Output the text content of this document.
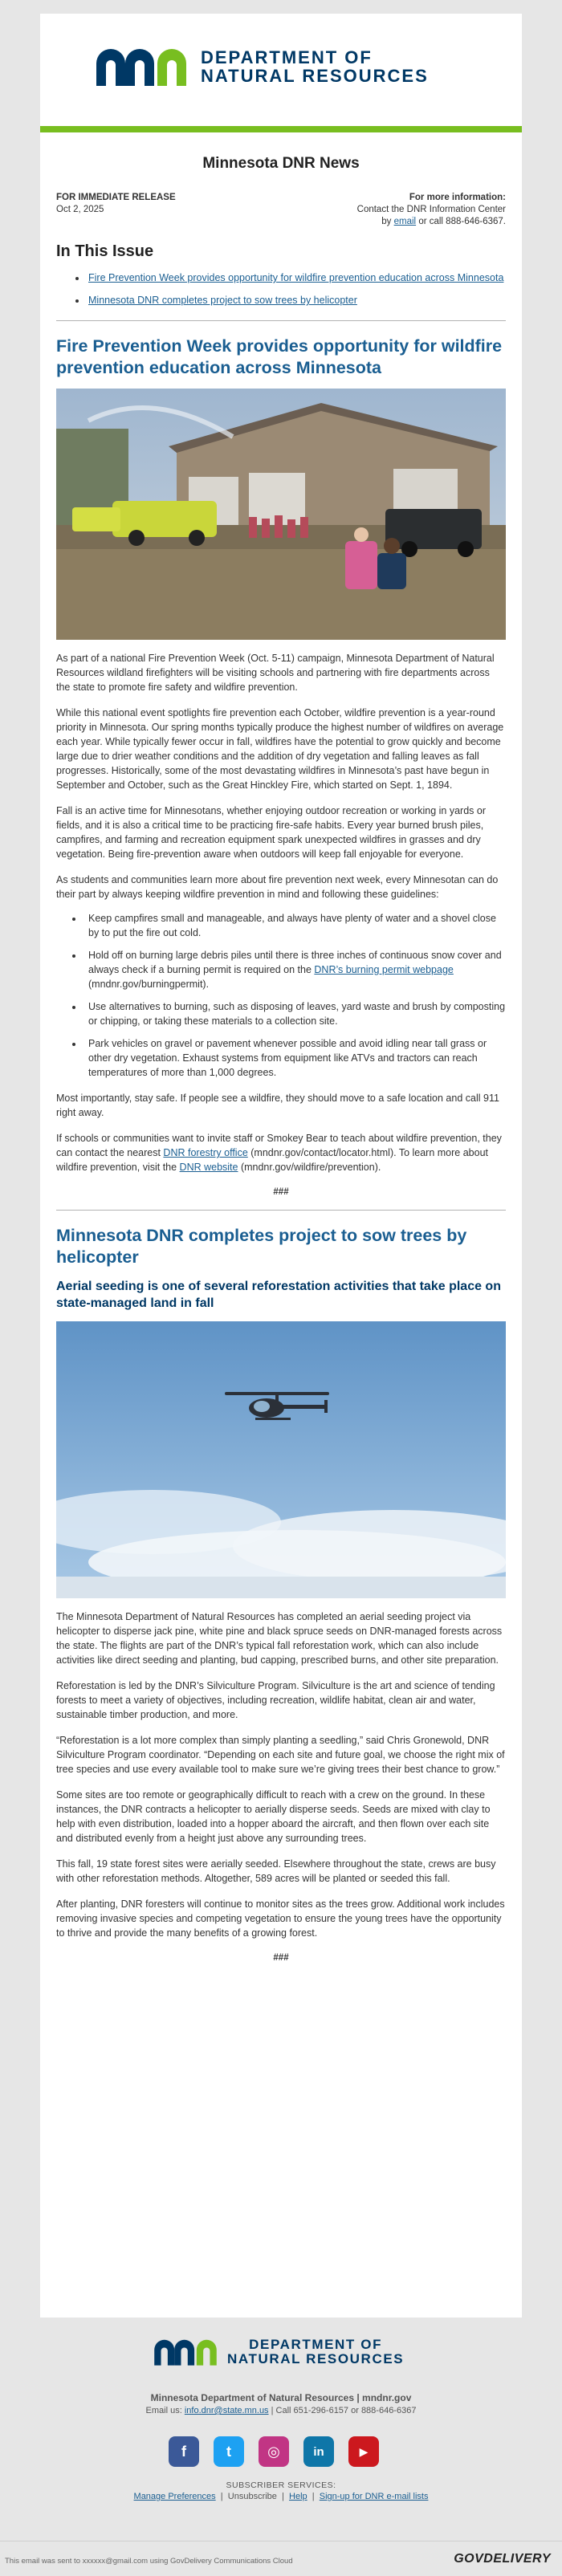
DEPARTMENT OF
NATURAL RESOURCES
Minnesota DNR News
FOR IMMEDIATE RELEASE
Oct 2, 2025
For more information:
Contact the DNR Information Center
by email or call 888-646-6367.
In This Issue
• Fire Prevention Week provides opportunity for wildfire prevention education across Minnesota
• Minnesota DNR completes project to sow trees by helicopter
Fire Prevention Week provides opportunity for wildfire prevention education across Minnesota

As part of a national Fire Prevention Week (Oct. 5-11) campaign, Minnesota Department of Natural Resources wildland firefighters will be visiting schools and partnering with fire departments across the state to promote fire safety and wildfire prevention.

While this national event spotlights fire prevention each October, wildfire prevention is a year-round priority in Minnesota. Our spring months typically produce the highest number of wildfires on average each year. While typically fewer occur in fall, wildfires have the potential to grow quickly and become large due to drier weather conditions and the addition of dry vegetation and falling leaves as fall progresses. Historically, some of the most devastating wildfires in Minnesota’s past have begun in September and October, such as the Great Hinckley Fire, which started on Sept. 1, 1894.

Fall is an active time for Minnesotans, whether enjoying outdoor recreation or working in yards or fields, and it is also a critical time to be practicing fire-safe habits. Every year burned brush piles, campfires, and farming and recreation equipment spark unexpected wildfires in grasses and dry vegetation. Being fire-prevention aware when outdoors will keep fall enjoyable for everyone.

As students and communities learn more about fire prevention next week, every Minnesotan can do their part by always keeping wildfire prevention in mind and following these guidelines:

• Keep campfires small and manageable, and always have plenty of water and a shovel close by to put the fire out cold.
• Hold off on burning large debris piles until there is three inches of continuous snow cover and always check if a burning permit is required on the DNR’s burning permit webpage (mndnr.gov/burningpermit).
• Use alternatives to burning, such as disposing of leaves, yard waste and brush by composting or chipping, or taking these materials to a collection site.
• Park vehicles on gravel or pavement whenever possible and avoid idling near tall grass or other dry vegetation. Exhaust systems from equipment like ATVs and tractors can reach temperatures of more than 1,000 degrees.

Most importantly, stay safe. If people see a wildfire, they should move to a safe location and call 911 right away.

If schools or communities want to invite staff or Smokey Bear to teach about wildfire prevention, they can contact the nearest DNR forestry office (mndnr.gov/contact/locator.html). To learn more about wildfire prevention, visit the DNR website (mndnr.gov/wildfire/prevention).

###
Minnesota DNR completes project to sow trees by helicopter
Aerial seeding is one of several reforestation activities that take place on state-managed land in fall

The Minnesota Department of Natural Resources has completed an aerial seeding project via helicopter to disperse jack pine, white pine and black spruce seeds on DNR-managed forests across the state. The flights are part of the DNR’s typical fall reforestation work, which can also include activities like direct seeding and planting, bud capping, prescribed burns, and other site preparation.

Reforestation is led by the DNR’s Silviculture Program. Silviculture is the art and science of tending forests to meet a variety of objectives, including recreation, wildlife habitat, clean air and water, sustainable timber production, and more.

“Reforestation is a lot more complex than simply planting a seedling,” said Chris Gronewold, DNR Silviculture Program coordinator. “Depending on each site and future goal, we choose the right mix of tree species and use every available tool to make sure we’re giving trees their best chance to grow.”

Some sites are too remote or geographically difficult to reach with a crew on the ground. In these instances, the DNR contracts a helicopter to aerially disperse seeds. Seeds are mixed with clay to help with even distribution, loaded into a hopper aboard the aircraft, and then flown over each site and distributed evenly from a height just above any surrounding trees.

This fall, 19 state forest sites were aerially seeded. Elsewhere throughout the state, crews are busy with other reforestation methods. Altogether, 589 acres will be planted or seeded this fall.

After planting, DNR foresters will continue to monitor sites as the trees grow. Additional work includes removing invasive species and competing vegetation to ensure the young trees have the opportunity to thrive and provide the many benefits of a growing forest.

###
DEPARTMENT OF
NATURAL RESOURCES
Minnesota Department of Natural Resources | mndnr.gov
Email us: info.dnr@state.mn.us | Call 651-296-6157 or 888-646-6367
f	t	◎	in	▶
SUBSCRIBER SERVICES:
Manage Preferences  |  Unsubscribe  |  Help  |  Sign-up for DNR e-mail lists
This email was sent to xxxxxx@gmail.com using GovDelivery Communications Cloud	GOVDELIVERY
